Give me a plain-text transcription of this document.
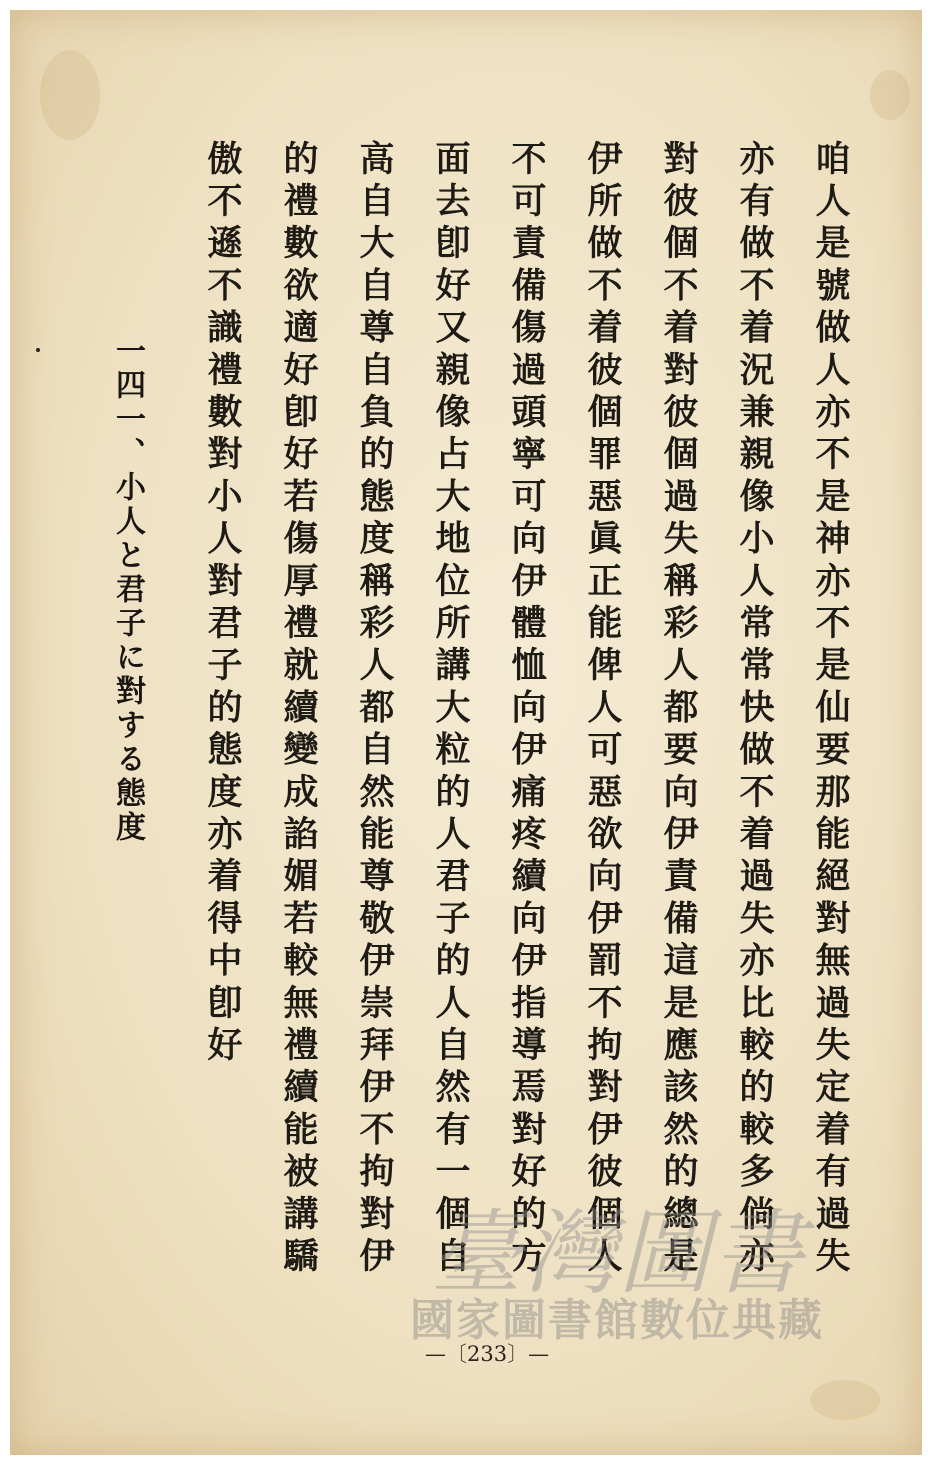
咱人是號做人亦不是神亦不是仙要那能絕對無過失定着有過失
亦有做不着況兼親像小人常常快做不着過失亦比較的較多倘亦
對彼個不着對彼個過失稱彩人都要向伊責備這是應該然的總是
伊所做不着彼個罪惡眞正能俾人可惡欲向伊罰不拘對伊彼個人
不可責備傷過頭寧可向伊體恤向伊痛疼續向伊指導焉對好的方
面去卽好又親像占大地位所講大粒的人君子的人自然有一個自
高自大自尊自負的態度稱彩人都自然能尊敬伊崇拜伊不拘對伊
的禮數欲適好卽好若傷厚禮就續變成諂媚若較無禮續能被講驕
傲不遜不識禮數對小人對君子的態度亦着得中卽好
一四一、小人と君子に對する態度
臺灣圖書
國家圖書館數位典藏
—〔233〕—
